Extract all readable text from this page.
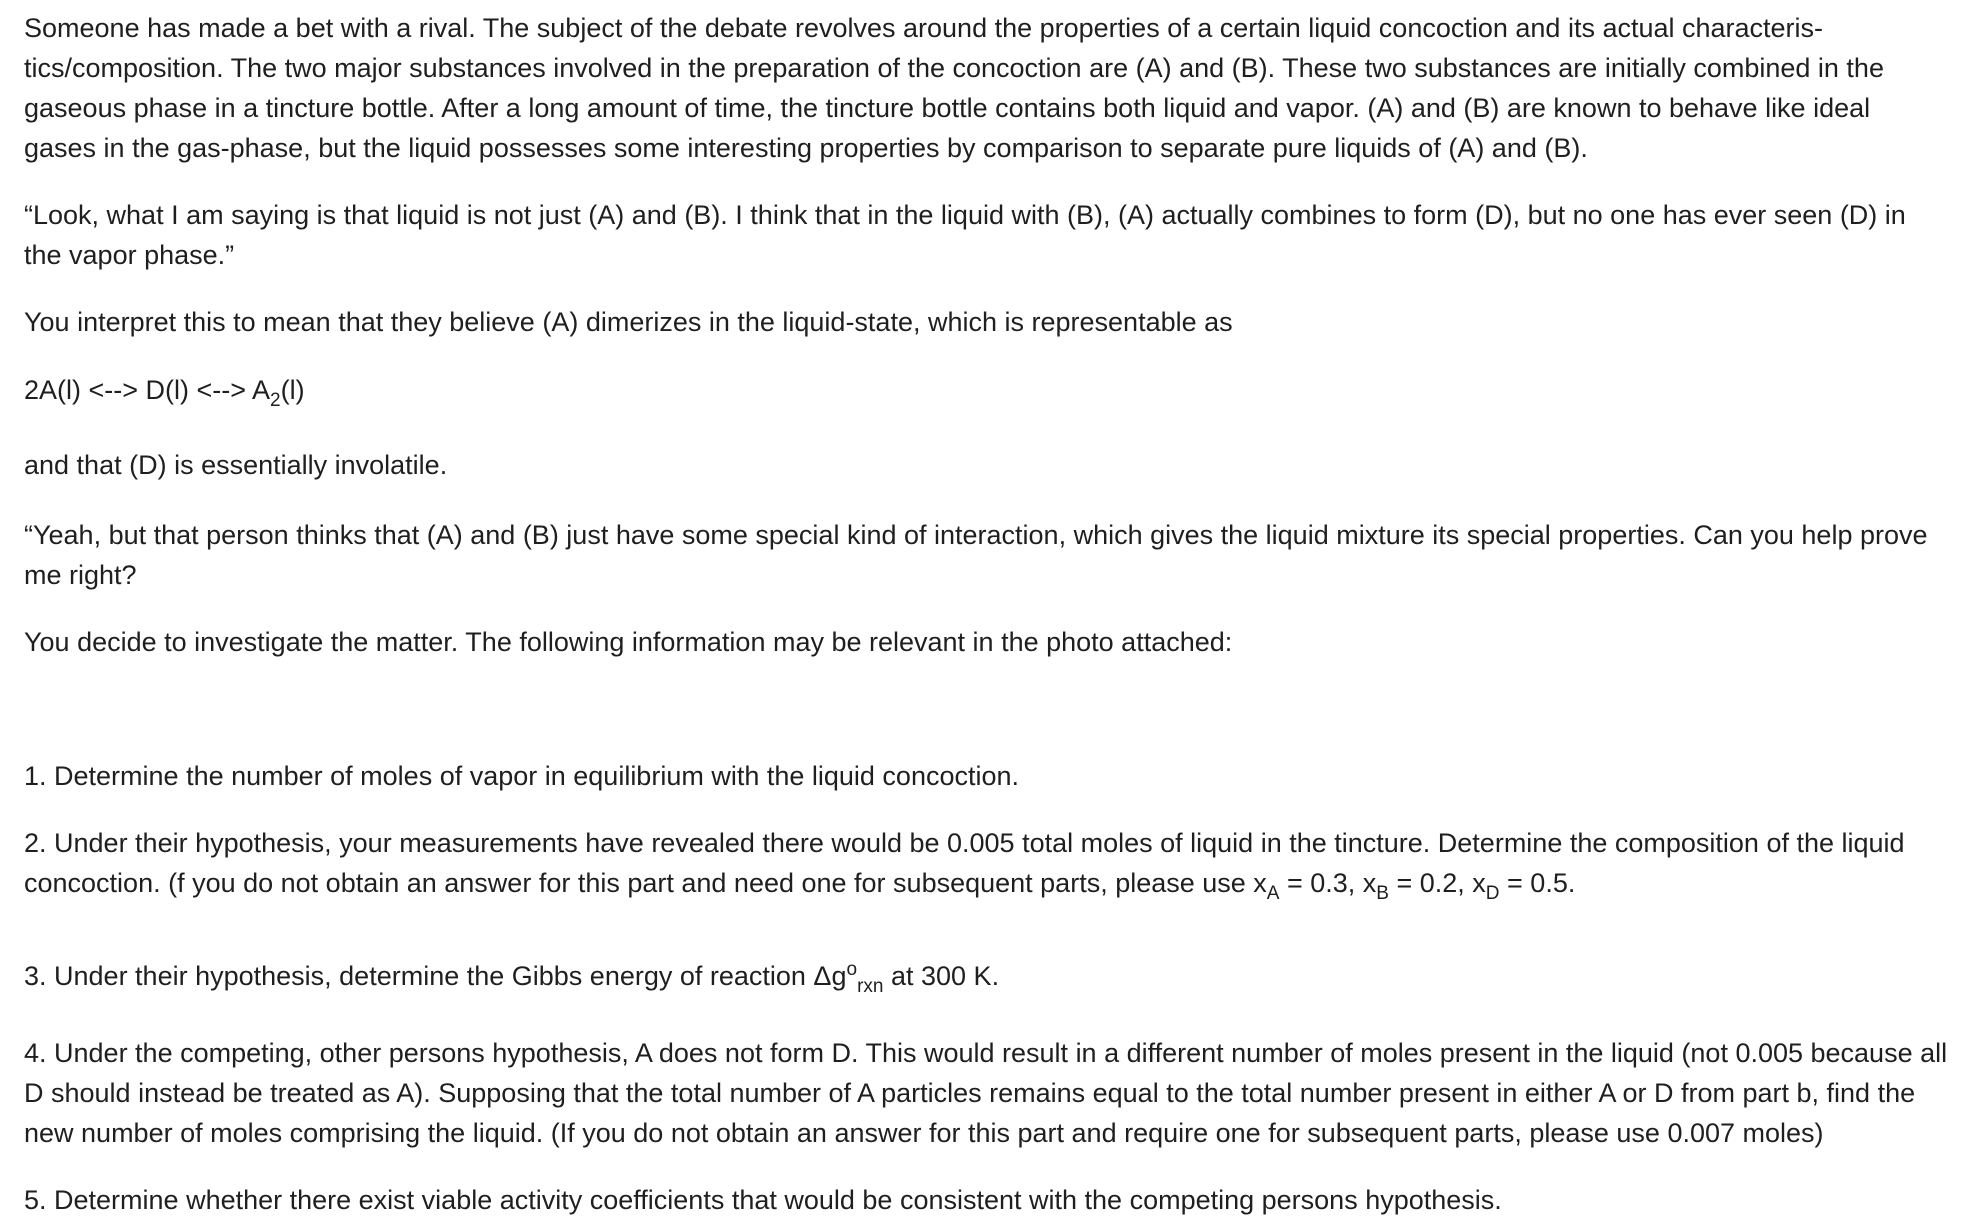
Someone has made a bet with a rival. The subject of the debate revolves around the properties of a certain liquid concoction and its actual characteris-tics/composition. The two major substances involved in the preparation of the concoction are (A) and (B). These two substances are initially combined in the gaseous phase in a tincture bottle. After a long amount of time, the tincture bottle contains both liquid and vapor. (A) and (B) are known to behave like ideal gases in the gas-phase, but the liquid possesses some interesting properties by comparison to separate pure liquids of (A) and (B).

“Look, what I am saying is that liquid is not just (A) and (B). I think that in the liquid with (B), (A) actually combines to form (D), but no one has ever seen (D) in the vapor phase.”

You interpret this to mean that they believe (A) dimerizes in the liquid-state, which is representable as

2A(l) <--> D(l) <--> $A_2(l)$

and that (D) is essentially involatile.

“Yeah, but that person thinks that (A) and (B) just have some special kind of interaction, which gives the liquid mixture its special properties. Can you help prove me right?

You decide to investigate the matter. The following information may be relevant in the photo attached:

1. Determine the number of moles of vapor in equilibrium with the liquid concoction.

2. Under their hypothesis, your measurements have revealed there would be 0.005 total moles of liquid in the tincture. Determine the composition of the liquid concoction. (f you do not obtain an answer for this part and need one for subsequent parts, please use $x_A = 0.3$, $x_B = 0.2$, $x_D = 0.5$.

3. Under their hypothesis, determine the Gibbs energy of reaction $\Delta g^o_{rxn}$ at 300 K.

4. Under the competing, other persons hypothesis, A does not form D. This would result in a different number of moles present in the liquid (not 0.005 because all D should instead be treated as A). Supposing that the total number of A particles remains equal to the total number present in either A or D from part b, find the new number of moles comprising the liquid. (If you do not obtain an answer for this part and require one for subsequent parts, please use 0.007 moles)

5. Determine whether there exist viable activity coefficients that would be consistent with the competing persons hypothesis.
